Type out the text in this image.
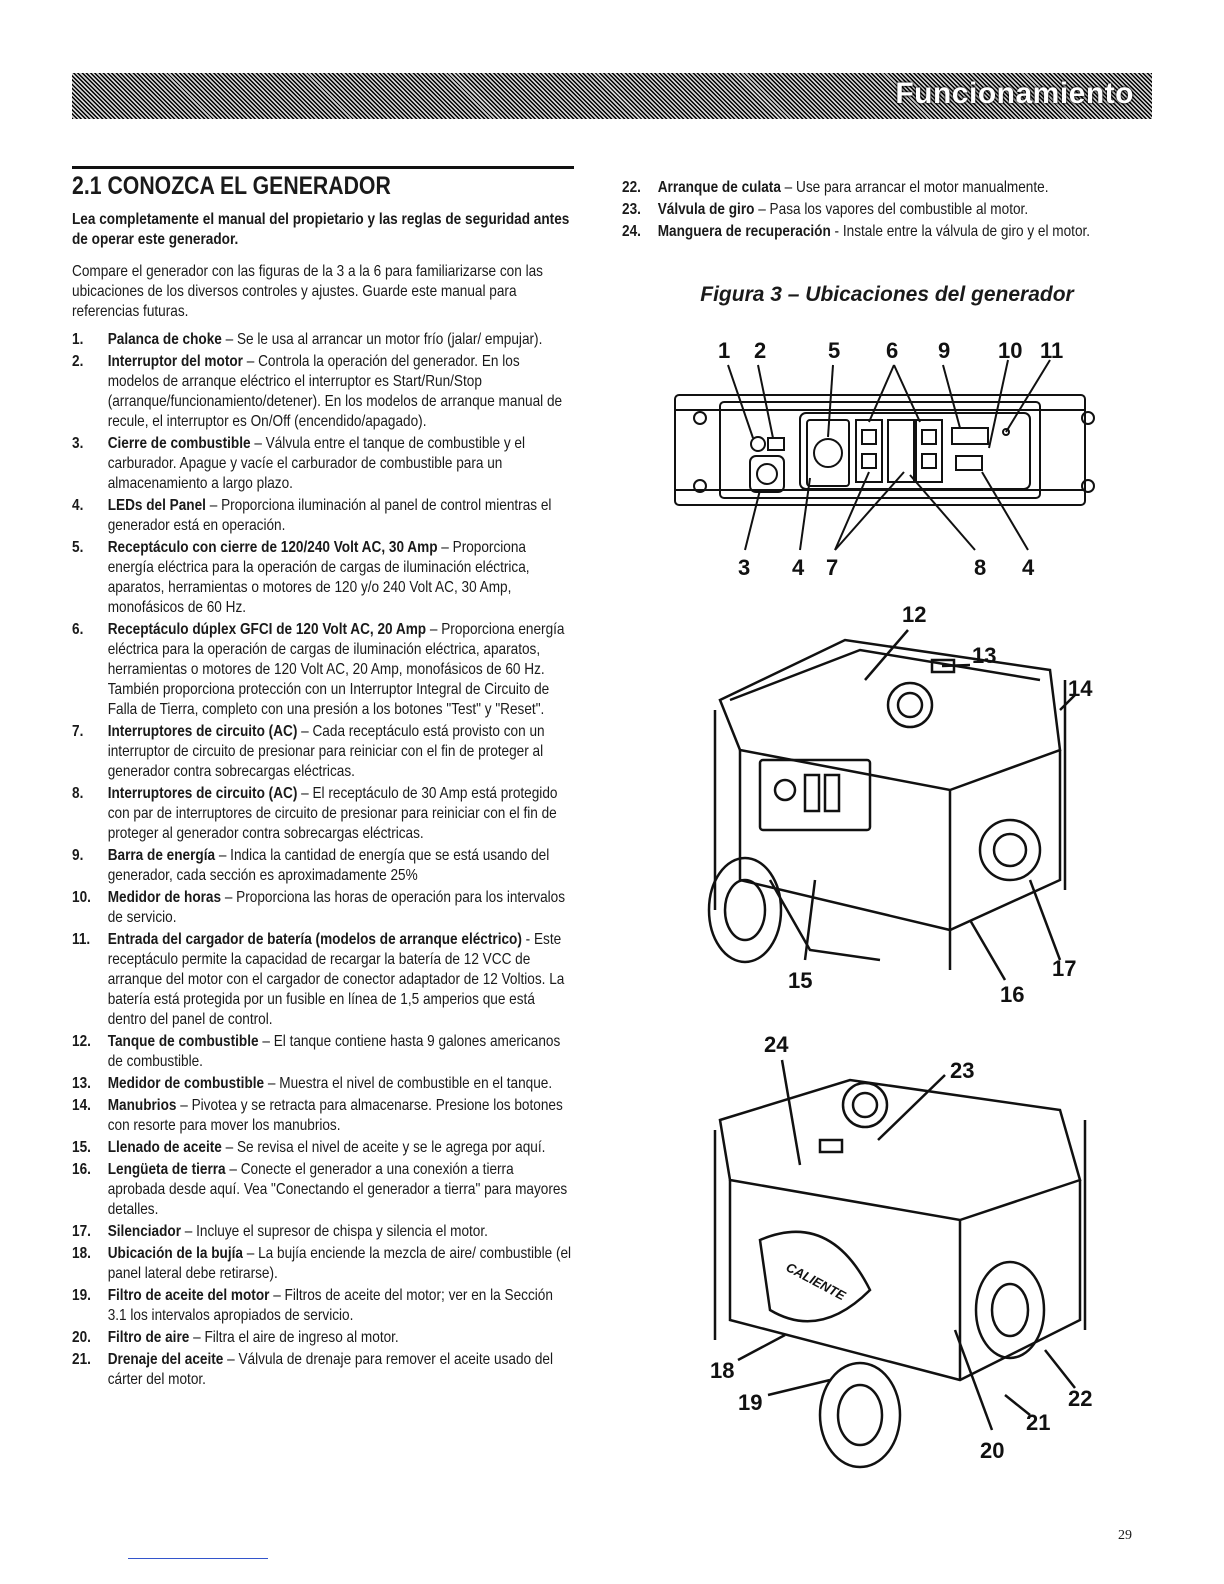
Funcionamiento
2.1 CONOZCA EL GENERADOR
Lea completamente el manual del propietario y las reglas de seguridad antes de operar este generador.
Compare el generador con las figuras de la 3 a la 6 para familiarizarse con las ubicaciones de los diversos controles y ajustes. Guarde este manual para referencias futuras.
1.	Palanca de choke – Se le usa al arrancar un motor frío (jalar/ empujar).
2.	Interruptor del motor – Controla la operación del generador. En los modelos de arranque eléctrico el interruptor es Start/Run/Stop (arranque/funcionamiento/detener). En los modelos de arranque manual de recule, el interruptor es On/Off (encendido/apagado).
3.	Cierre de combustible – Válvula entre el tanque de combustible y el carburador. Apague y vacíe el carburador de combustible para un almacenamiento a largo plazo.
4.	LEDs del Panel – Proporciona iluminación al panel de control mientras el generador está en operación.
5.	Receptáculo con cierre de 120/240 Volt AC, 30 Amp – Proporciona energía eléctrica para la operación de cargas de iluminación eléctrica, aparatos, herramientas o motores de 120 y/o 240 Volt AC, 30 Amp, monofásicos de 60 Hz.
6.	Receptáculo dúplex GFCI de 120 Volt AC, 20 Amp – Proporciona energía eléctrica para la operación de cargas de iluminación eléctrica, aparatos, herramientas o motores de 120 Volt AC, 20 Amp, monofásicos de 60 Hz. También proporciona protección con un Interruptor Integral de Circuito de Falla de Tierra, completo con una presión a los botones "Test" y "Reset".
7.	Interruptores de circuito (AC) – Cada receptáculo está provisto con un interruptor de circuito de presionar para reiniciar con el fin de proteger al generador contra sobrecargas eléctricas.
8.	Interruptores de circuito (AC) – El receptáculo de 30 Amp está protegido con par de interruptores de circuito de presionar para reiniciar con el fin de proteger al generador contra sobrecargas eléctricas.
9.	Barra de energía – Indica la cantidad de energía que se está usando del generador, cada sección es aproximadamente 25%
10.	Medidor de horas – Proporciona las horas de operación para los intervalos de servicio.
11.	Entrada del cargador de batería (modelos de arranque eléctrico) - Este receptáculo permite la capacidad de recargar la batería de 12 VCC de arranque del motor con el cargador de conector adaptador de 12 Voltios. La batería está protegida por un fusible en línea de 1,5 amperios que está dentro del panel de control.
12.	Tanque de combustible – El tanque contiene hasta 9 galones americanos de combustible.
13.	Medidor de combustible – Muestra el nivel de combustible en el tanque.
14.	Manubrios – Pivotea y se retracta para almacenarse. Presione los botones con resorte para mover los manubrios.
15.	Llenado de aceite – Se revisa el nivel de aceite y se le agrega por aquí.
16.	Lengüeta de tierra – Conecte el generador a una conexión a tierra aprobada desde aquí. Vea "Conectando el generador a tierra" para mayores detalles.
17.	Silenciador – Incluye el supresor de chispa y silencia el motor.
18.	Ubicación de la bujía – La bujía enciende la mezcla de aire/ combustible (el panel lateral debe retirarse).
19.	Filtro de aceite del motor – Filtros de aceite del motor; ver en la Sección 3.1 los intervalos apropiados de servicio.
20.	Filtro de aire – Filtra el aire de ingreso al motor.
21.	Drenaje del aceite – Válvula de drenaje para remover el aceite usado del cárter del motor.
22.	Arranque de culata – Use para arrancar el motor manualmente.
23.	Válvula de giro – Pasa los vapores del combustible al motor.
24.	Manguera de recuperación - Instale entre la válvula de giro y el motor.
Figura 3 – Ubicaciones del generador
1 2	5 6 9 10 11
3 4 7	8 4
12
13
14
15
16
17
24
23
18
19
20
21
22
CALIENTE
29
